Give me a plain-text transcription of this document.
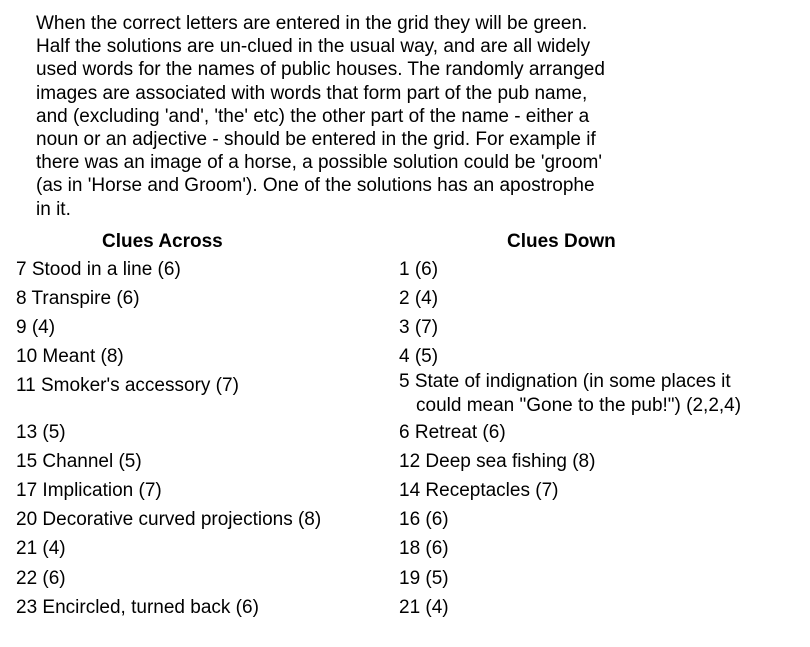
When the correct letters are entered in the grid they will be green.
Half the solutions are un-clued in the usual way, and are all widely
used words for the names of public houses. The randomly arranged
images are associated with words that form part of the pub name,
and (excluding 'and', 'the' etc) the other part of the name - either a
noun or an adjective - should be entered in the grid. For example if
there was an image of a horse, a possible solution could be 'groom'
(as in 'Horse and Groom'). One of the solutions has an apostrophe
in it.
Clues Across	Clues Down
7 Stood in a line (6)
8 Transpire (6)
9 (4)
10 Meant (8)
11 Smoker's accessory (7)
13 (5)
15 Channel (5)
17 Implication (7)
20 Decorative curved projections (8)
21 (4)
22 (6)
23 Encircled, turned back (6)
1 (6)
2 (4)
3 (7)
4 (5)
5 State of indignation (in some places it
could mean "Gone to the pub!") (2,2,4)
6 Retreat (6)
12 Deep sea fishing (8)
14 Receptacles (7)
16 (6)
18 (6)
19 (5)
21 (4)
